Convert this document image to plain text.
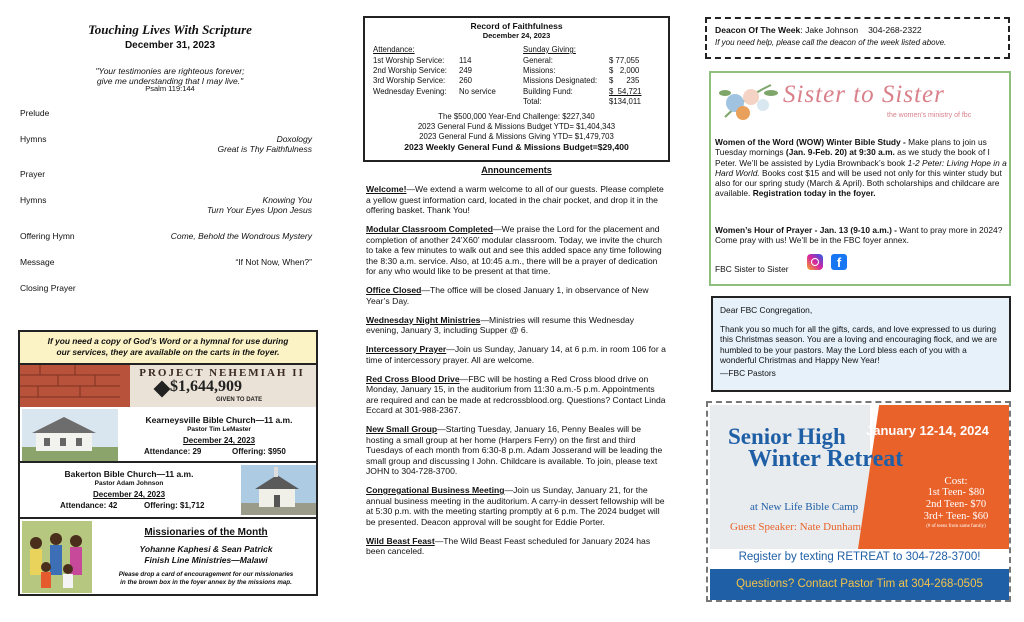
Touching Lives With Scripture
December 31, 2023
"Your testimonies are righteous forever;
give me understanding that I may live."
Psalm 119:144
Prelude
Hymns	Doxology
Great is Thy Faithfulness
Prayer
Hymns	Knowing You
Turn Your Eyes Upon Jesus
Offering Hymn	Come, Behold the Wondrous Mystery
Message	“If Not Now, When?”
Closing Prayer
If you need a copy of God’s Word or a hymnal for use during
our services, they are available on the carts in the foyer.
PROJECT NEHEMIAH II
$1,644,909
GIVEN TO DATE
Kearneysville Bible Church—11 a.m.
Pastor Tim LeMaster
December 24, 2023
Attendance: 29	Offering: $950
Bakerton Bible Church—11 a.m.
Pastor Adam Johnson
December 24, 2023
Attendance: 42	Offering: $1,712
Missionaries of the Month
Yohanne Kaphesi & Sean Patrick
Finish Line Ministries—Malawi
Please drop a card of encouragement for our missionaries
in the brown box in the foyer annex by the missions map.
Record of Faithfulness
December 24, 2023
Attendance:
1st Worship Service: 114
2nd Worship Service: 249
3rd Worship Service: 260
Wednesday Evening: No service
Sunday Giving:
General:	$ 77,055
Missions:	$   2,000
Missions Designated: $      235
Building Fund:	$  54,721
Total:	$134,011
The $500,000 Year-End Challenge: $227,340
2023 General Fund & Missions Budget YTD= $1,404,343
2023 General Fund & Missions Giving YTD= $1,479,703
2023 Weekly General Fund & Missions Budget=$29,400
Announcements

Welcome!—We extend a warm welcome to all of our guests. Please complete a yellow guest information card, located in the chair pocket, and drop it in the offering basket. Thank You!

Modular Classroom Completed—We praise the Lord for the placement and completion of another 24’X60’ modular classroom. Today, we invite the church to take a few minutes to walk out and see this added space any time following the 8:30 a.m. service. Also, at 10:45 a.m., there will be a prayer of dedication for any who would like to be present at that time.

Office Closed—The office will be closed January 1, in observance of New Year’s Day.

Wednesday Night Ministries—Ministries will resume this Wednesday evening, January 3, including Supper @ 6.

Intercessory Prayer—Join us Sunday, January 14, at 6 p.m. in room 106 for a time of intercessory prayer. All are welcome.

Red Cross Blood Drive—FBC will be hosting a Red Cross blood drive on Monday, January 15, in the auditorium from 11:30 a.m.-5 p.m. Appointments are required and can be made at redcrossblood.org. Questions? Contact Linda Eccard at 301-988-2367.

New Small Group—Starting Tuesday, January 16, Penny Beales will be hosting a small group at her home (Harpers Ferry) on the first and third Tuesdays of each month from 6:30-8 p.m. Adam Josserand will be leading the small group and discussing I John. Childcare is available. To join, please text JOHN to 304-728-3700.

Congregational Business Meeting—Join us Sunday, January 21, for the annual business meeting in the auditorium. A carry-in dessert fellowship will be at 5:30 p.m. with the meeting starting promptly at 6 p.m. The 2024 budget will be presented. Deacon approval will be sought for Eddie Porter.

Wild Beast Feast—The Wild Beast Feast scheduled for January 2024 has been canceled.

Deacon Of The Week: Jake Johnson 304-268-2322
If you need help, please call the deacon of the week listed above.
Sister to Sister
the women's ministry of fbc
Women of the Word (WOW) Winter Bible Study - Make plans to join us Tuesday mornings (Jan. 9-Feb. 20) at 9:30 a.m. as we study the book of I Peter. We’ll be assisted by Lydia Brownback’s book 1-2 Peter: Living Hope in a Hard World. Books cost $15 and will be used not only for this winter study but also for our spring study (March & April). Both scholarships and childcare are available. Registration today in the foyer.
Women’s Hour of Prayer - Jan. 13 (9-10 a.m.) - Want to pray more in 2024? Come pray with us! We’ll be in the FBC foyer annex.
FBC Sister to Sister	f
Dear FBC Congregation,
Thank you so much for all the gifts, cards, and love expressed to us during this Christmas season. You are a loving and encouraging flock, and we are humbled to be your pastors. May the Lord bless each of you with a wonderful Christmas and Happy New Year!
—FBC Pastors
Senior High
Winter Retreat
January 12-14, 2024
at New Life Bible Camp
Guest Speaker: Nate Dunham
Cost:
1st Teen- $80
2nd Teen- $70
3rd+ Teen- $60
(# of teens from same family)
Register by texting RETREAT to 304-728-3700!
Questions? Contact Pastor Tim at 304-268-0505
